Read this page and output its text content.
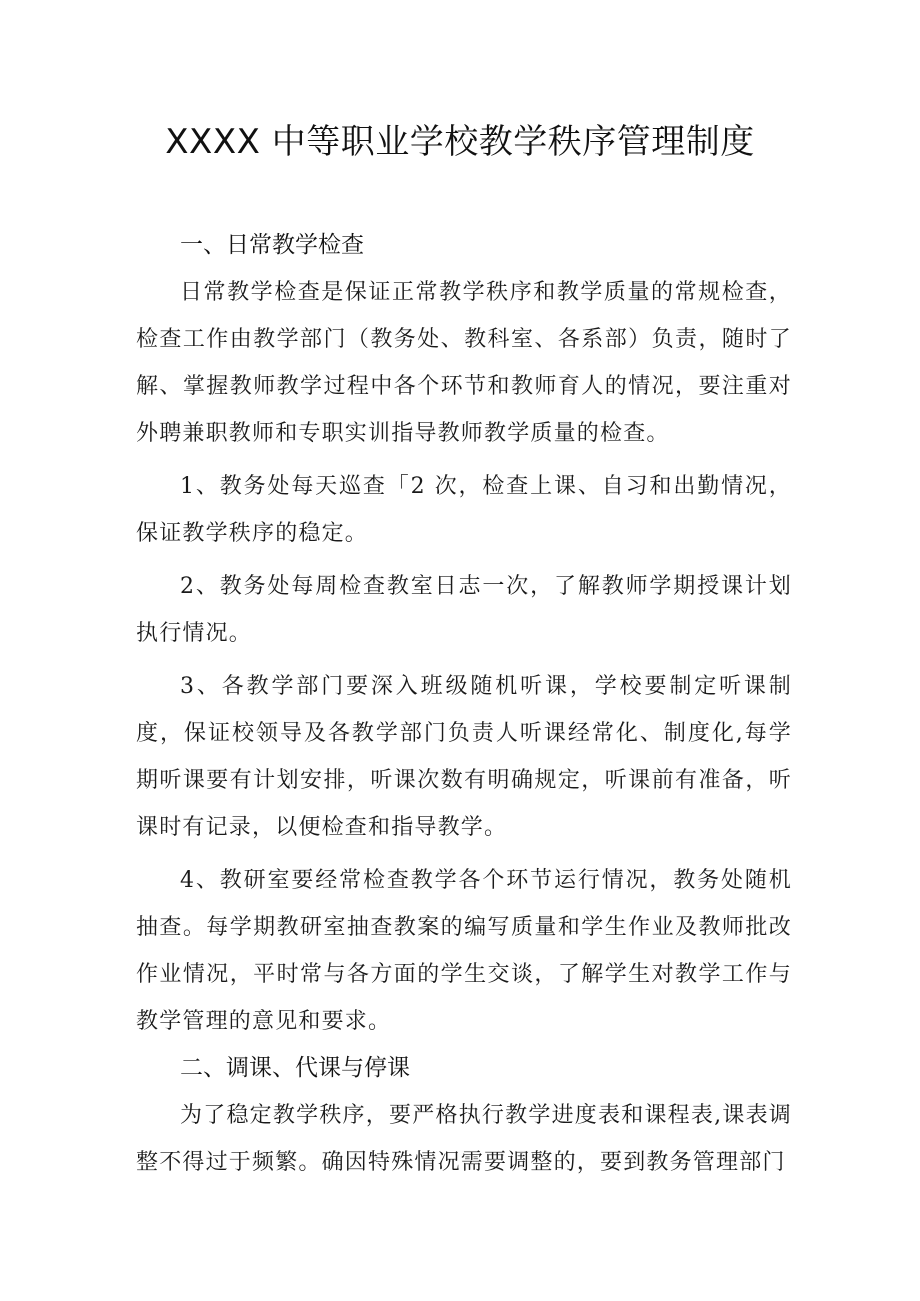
XXXX 中等职业学校教学秩序管理制度

一、日常教学检查

日常教学检查是保证正常教学秩序和教学质量的常规检查，检查工作由教学部门（教务处、教科室、各系部）负责，随时了解、掌握教师教学过程中各个环节和教师育人的情况，要注重对外聘兼职教师和专职实训指导教师教学质量的检查。

1、教务处每天巡查「2 次，检查上课、自习和出勤情况，保证教学秩序的稳定。

2、教务处每周检查教室日志一次，了解教师学期授课计划执行情况。

3、各教学部门要深入班级随机听课，学校要制定听课制度，保证校领导及各教学部门负责人听课经常化、制度化,每学期听课要有计划安排，听课次数有明确规定，听课前有准备，听课时有记录，以便检查和指导教学。

4、教研室要经常检查教学各个环节运行情况，教务处随机抽查。每学期教研室抽查教案的编写质量和学生作业及教师批改作业情况，平时常与各方面的学生交谈，了解学生对教学工作与教学管理的意见和要求。

二、调课、代课与停课

为了稳定教学秩序，要严格执行教学进度表和课程表,课表调整不得过于频繁。确因特殊情况需要调整的，要到教务管理部门
